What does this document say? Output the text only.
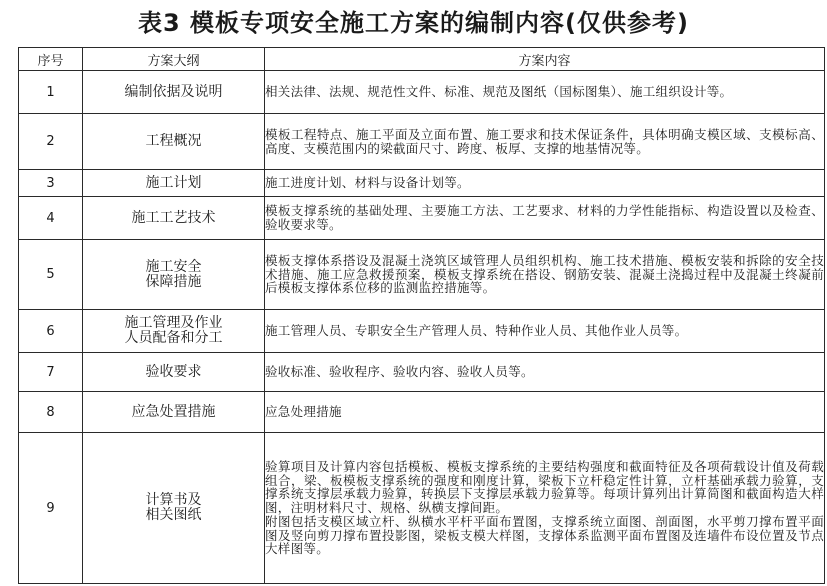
表3 模板专项安全施工方案的编制内容(仅供参考)
序号	方案大纲	方案内容
1	编制依据及说明	相关法律、法规、规范性文件、标准、规范及图纸（国标图集）、施工组织设计等。

2	工程概况	模板工程特点、施工平面及立面布置、施工要求和技术保证条件，具体明确支模区域、支模标高、高度、支模范围内的梁截面尺寸、跨度、板厚、支撑的地基情况等。

3	施工计划	施工进度计划、材料与设备计划等。

4	施工工艺技术	模板支撑系统的基础处理、主要施工方法、工艺要求、材料的力学性能指标、构造设置以及检查、验收要求等。

5	施工安全
保障措施	模板支撑体系搭设及混凝土浇筑区域管理人员组织机构、施工技术措施、模板安装和拆除的安全技术措施、施工应急救援预案，模板支撑系统在搭设、钢筋安装、混凝土浇捣过程中及混凝土终凝前后模板支撑体系位移的监测监控措施等。

6	施工管理及作业
人员配备和分工	施工管理人员、专职安全生产管理人员、特种作业人员、其他作业人员等。

7	验收要求	验收标准、验收程序、验收内容、验收人员等。

8	应急处置措施	应急处理措施

9	计算书及
相关图纸	验算项目及计算内容包括模板、模板支撑系统的主要结构强度和截面特征及各项荷载设计值及荷载组合，梁、板模板支撑系统的强度和刚度计算，梁板下立杆稳定性计算，立杆基础承载力验算，支撑系统支撑层承载力验算，转换层下支撑层承载力验算等。每项计算列出计算简图和截面构造大样图，注明材料尺寸、规格、纵横支撑间距。
附图包括支模区域立杆、纵横水平杆平面布置图，支撑系统立面图、剖面图，水平剪刀撑布置平面图及竖向剪刀撑布置投影图，梁板支模大样图，支撑体系监测平面布置图及连墙件布设位置及节点大样图等。
